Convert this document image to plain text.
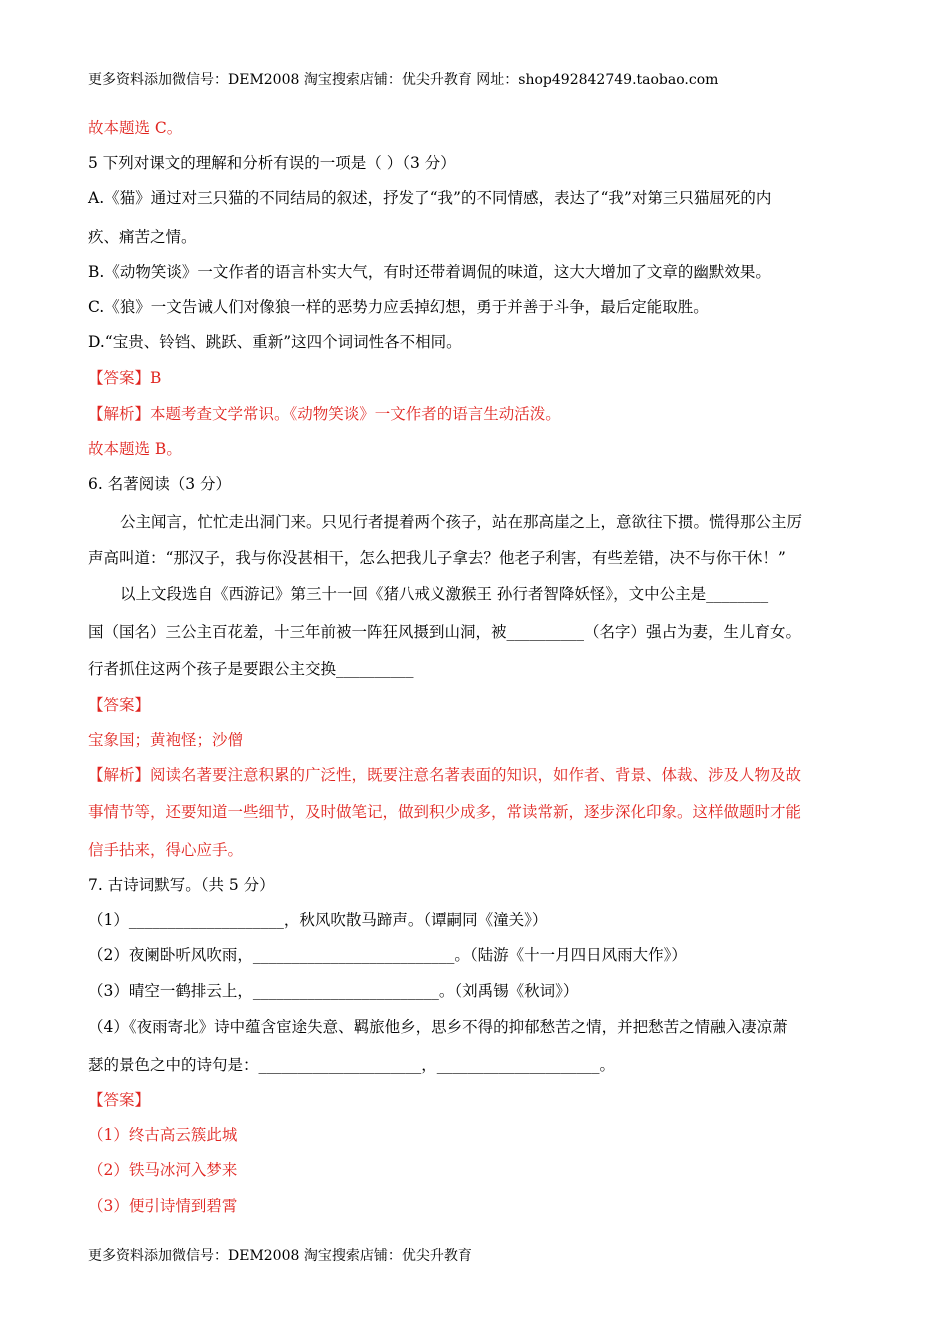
更多资料添加微信号：DEM2008 淘宝搜索店铺：优尖升教育 网址：shop492842749.taobao.com
故本题选 C。
5 下列对课文的理解和分析有误的一项是（ ）（3 分）
A.《猫》通过对三只猫的不同结局的叙述，抒发了“我”的不同情感，表达了“我”对第三只猫屈死的内
疚、痛苦之情。
B.《动物笑谈》一文作者的语言朴实大气，有时还带着调侃的味道，这大大增加了文章的幽默效果。
C.《狼》一文告诫人们对像狼一样的恶势力应丢掉幻想，勇于并善于斗争，最后定能取胜。
D.“宝贵、铃铛、跳跃、重新”这四个词词性各不相同。
【答案】B
【解析】本题考查文学常识。《动物笑谈》一文作者的语言生动活泼。
故本题选 B。
6. 名著阅读（3 分）
公主闻言，忙忙走出洞门来。只见行者提着两个孩子，站在那高崖之上，意欲往下掼。慌得那公主厉
声高叫道：“那汉子，我与你没甚相干，怎么把我儿子拿去？他老子利害，有些差错，决不与你干休！”
以上文段选自《西游记》第三十一回《猪八戒义激猴王 孙行者智降妖怪》，文中公主是________
国（国名）三公主百花羞，十三年前被一阵狂风摄到山洞，被__________（名字）强占为妻，生儿育女。
行者抓住这两个孩子是要跟公主交换__________
【答案】
宝象国；黄袍怪；沙僧
【解析】阅读名著要注意积累的广泛性，既要注意名著表面的知识，如作者、背景、体裁、涉及人物及故
事情节等，还要知道一些细节，及时做笔记，做到积少成多，常读常新，逐步深化印象。这样做题时才能
信手拈来，得心应手。
7. 古诗词默写。（共 5 分）
（1）____________________，秋风吹散马蹄声。（谭嗣同《潼关》）
（2）夜阑卧听风吹雨，__________________________。（陆游《十一月四日风雨大作》）
（3）晴空一鹤排云上，________________________。（刘禹锡《秋词》）
（4）《夜雨寄北》诗中蕴含宦途失意、羁旅他乡，思乡不得的抑郁愁苦之情，并把愁苦之情融入凄凉萧
瑟的景色之中的诗句是：_____________________，_____________________。
【答案】
（1）终古高云簇此城
（2）铁马冰河入梦来
（3）便引诗情到碧霄
更多资料添加微信号：DEM2008 淘宝搜索店铺：优尖升教育
